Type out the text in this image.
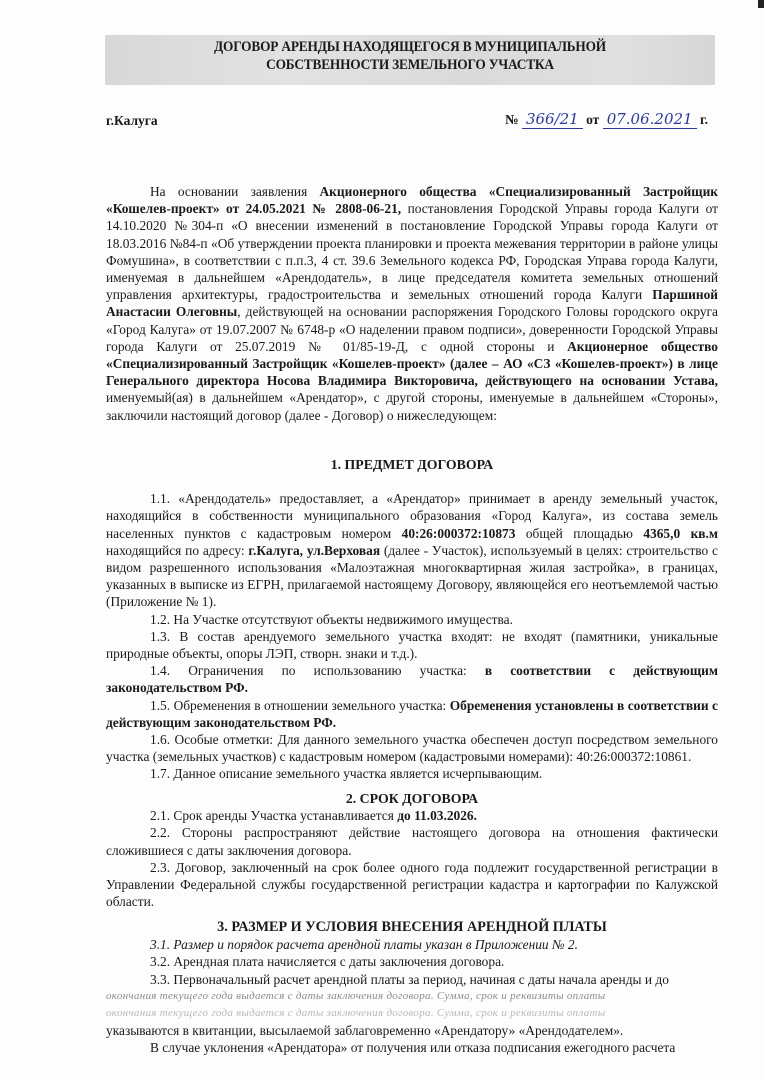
ДОГОВОР АРЕНДЫ НАХОДЯЩЕГОСЯ В МУНИЦИПАЛЬНОЙ
СОБСТВЕННОСТИ ЗЕМЕЛЬНОГО УЧАСТКА
г.Калуга	№ 366/21 от 07.06.2021 г.

На основании заявления Акционерного общества «Специализированный Застройщик «Кошелев-проект» от 24.05.2021 № 2808-06-21, постановления Городской Управы города Калуги от 14.10.2020 №304-п «О внесении изменений в постановление Городской Управы города Калуги от 18.03.2016 №84-п «Об утверждении проекта планировки и проекта межевания территории в районе улицы Фомушина», в соответствии с п.п.3, 4 ст. 39.6 Земельного кодекса РФ, Городская Управа города Калуги, именуемая в дальнейшем «Арендодатель», в лице председателя комитета земельных отношений управления архитектуры, градостроительства и земельных отношений города Калуги Паршиной Анастасии Олеговны, действующей на основании распоряжения Городского Головы городского округа «Город Калуга» от 19.07.2007 № 6748-р «О наделении правом подписи», доверенности Городской Управы города Калуги от 25.07.2019 № 01/85-19-Д, с одной стороны и Акционерное общество «Специализированный Застройщик «Кошелев-проект» (далее – АО «СЗ «Кошелев-проект») в лице Генерального директора Носова Владимира Викторовича, действующего на основании Устава, именуемый(ая) в дальнейшем «Арендатор», с другой стороны, именуемые в дальнейшем «Стороны», заключили настоящий договор (далее - Договор) о нижеследующем:

1. ПРЕДМЕТ ДОГОВОРА

1.1. «Арендодатель» предоставляет, а «Арендатор» принимает в аренду земельный участок, находящийся в собственности муниципального образования «Город Калуга», из состава земель населенных пунктов с кадастровым номером 40:26:000372:10873 общей площадью 4365,0 кв.м находящийся по адресу: г.Калуга, ул.Верховая (далее - Участок), используемый в целях: строительство с видом разрешенного использования «Малоэтажная многоквартирная жилая застройка», в границах, указанных в выписке из ЕГРН, прилагаемой настоящему Договору, являющейся его неотъемлемой частью (Приложение № 1).

1.2. На Участке отсутствуют объекты недвижимого имущества.

1.3. В состав арендуемого земельного участка входят: не входят (памятники, уникальные природные объекты, опоры ЛЭП, створн. знаки и т.д.).

1.4. Ограничения по использованию участка: в соответствии с действующим законодательством РФ.

1.5. Обременения в отношении земельного участка: Обременения установлены в соответствии с действующим законодательством РФ.

1.6. Особые отметки: Для данного земельного участка обеспечен доступ посредством земельного участка (земельных участков) с кадастровым номером (кадастровыми номерами): 40:26:000372:10861.

1.7. Данное описание земельного участка является исчерпывающим.

2. СРОК ДОГОВОРА

2.1. Срок аренды Участка устанавливается до 11.03.2026.

2.2. Стороны распространяют действие настоящего договора на отношения фактически сложившиеся с даты заключения договора.

2.3. Договор, заключенный на срок более одного года подлежит государственной регистрации в Управлении Федеральной службы государственной регистрации кадастра и картографии по Калужской области.

3. РАЗМЕР И УСЛОВИЯ ВНЕСЕНИЯ АРЕНДНОЙ ПЛАТЫ

3.1. Размер и порядок расчета арендной платы указан в Приложении № 2.

3.2. Арендная плата начисляется с даты заключения договора.

3.3. Первоначальный расчет арендной платы за период, начиная с даты начала аренды и до

окончания текущего года выдается с даты заключения договора. Сумма, срок и реквизиты оплаты

окончания текущего года выдается с даты заключения договора. Сумма, срок и реквизиты оплаты

указываются в квитанции, высылаемой заблаговременно «Арендатору» «Арендодателем».

В случае уклонения «Арендатора» от получения или отказа подписания ежегодного расчета
